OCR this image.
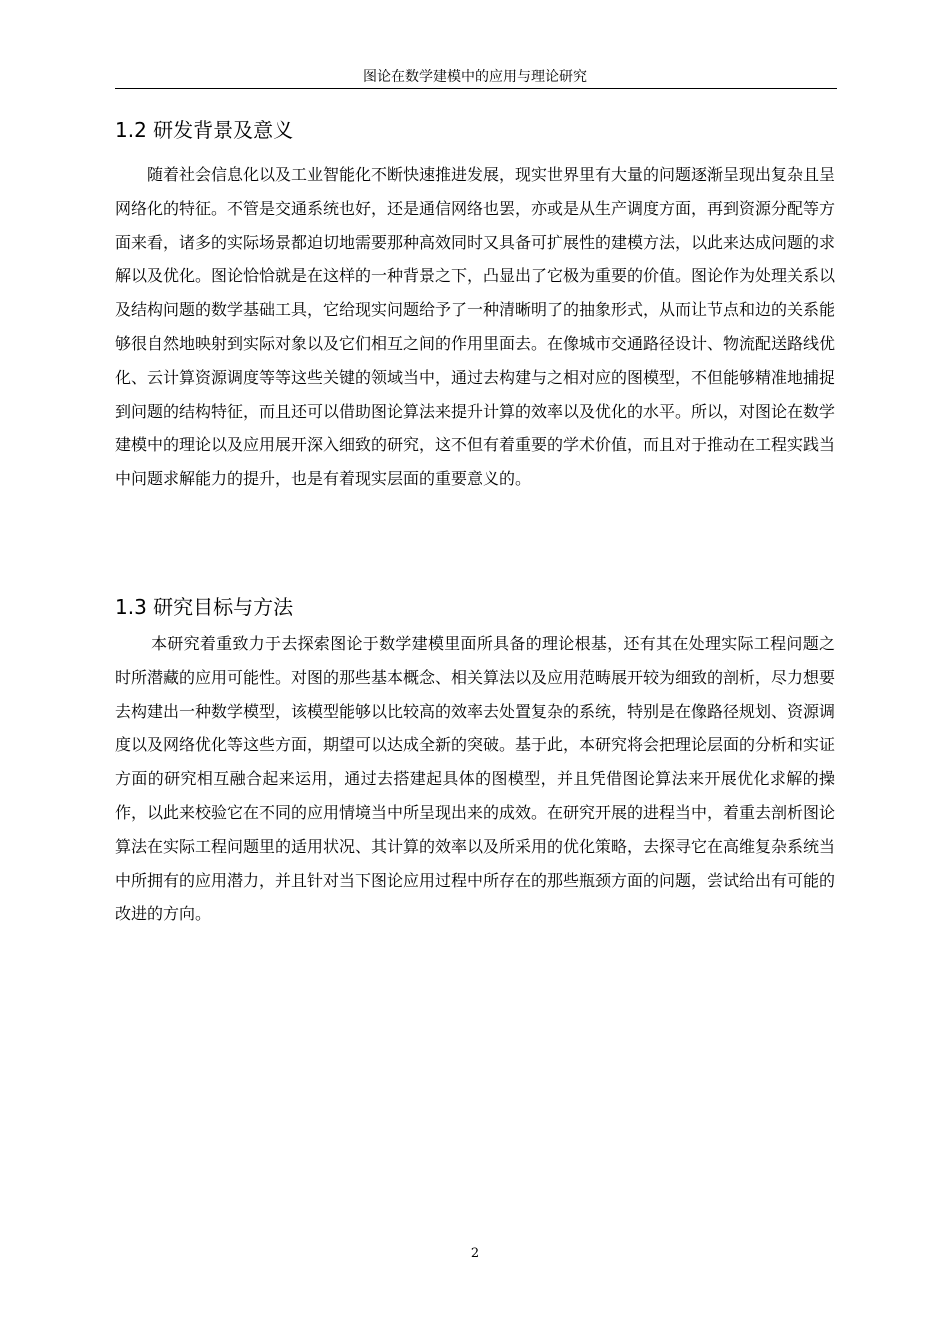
图论在数学建模中的应用与理论研究
1.2 研发背景及意义

随着社会信息化以及工业智能化不断快速推进发展，现实世界里有大量的问题逐渐呈现出复杂且呈网络化的特征。不管是交通系统也好，还是通信网络也罢，亦或是从生产调度方面，再到资源分配等方面来看，诸多的实际场景都迫切地需要那种高效同时又具备可扩展性的建模方法，以此来达成问题的求解以及优化。图论恰恰就是在这样的一种背景之下，凸显出了它极为重要的价值。图论作为处理关系以及结构问题的数学基础工具，它给现实问题给予了一种清晰明了的抽象形式，从而让节点和边的关系能够很自然地映射到实际对象以及它们相互之间的作用里面去。在像城市交通路径设计、物流配送路线优化、云计算资源调度等等这些关键的领域当中，通过去构建与之相对应的图模型，不但能够精准地捕捉到问题的结构特征，而且还可以借助图论算法来提升计算的效率以及优化的水平。所以，对图论在数学建模中的理论以及应用展开深入细致的研究，这不但有着重要的学术价值，而且对于推动在工程实践当中问题求解能力的提升，也是有着现实层面的重要意义的。

1.3 研究目标与方法

本研究着重致力于去探索图论于数学建模里面所具备的理论根基，还有其在处理实际工程问题之时所潜藏的应用可能性。对图的那些基本概念、相关算法以及应用范畴展开较为细致的剖析，尽力想要去构建出一种数学模型，该模型能够以比较高的效率去处置复杂的系统，特别是在像路径规划、资源调度以及网络优化等这些方面，期望可以达成全新的突破。基于此，本研究将会把理论层面的分析和实证方面的研究相互融合起来运用，通过去搭建起具体的图模型，并且凭借图论算法来开展优化求解的操作，以此来校验它在不同的应用情境当中所呈现出来的成效。在研究开展的进程当中，着重去剖析图论算法在实际工程问题里的适用状况、其计算的效率以及所采用的优化策略，去探寻它在高维复杂系统当中所拥有的应用潜力，并且针对当下图论应用过程中所存在的那些瓶颈方面的问题，尝试给出有可能的改进的方向。

2
